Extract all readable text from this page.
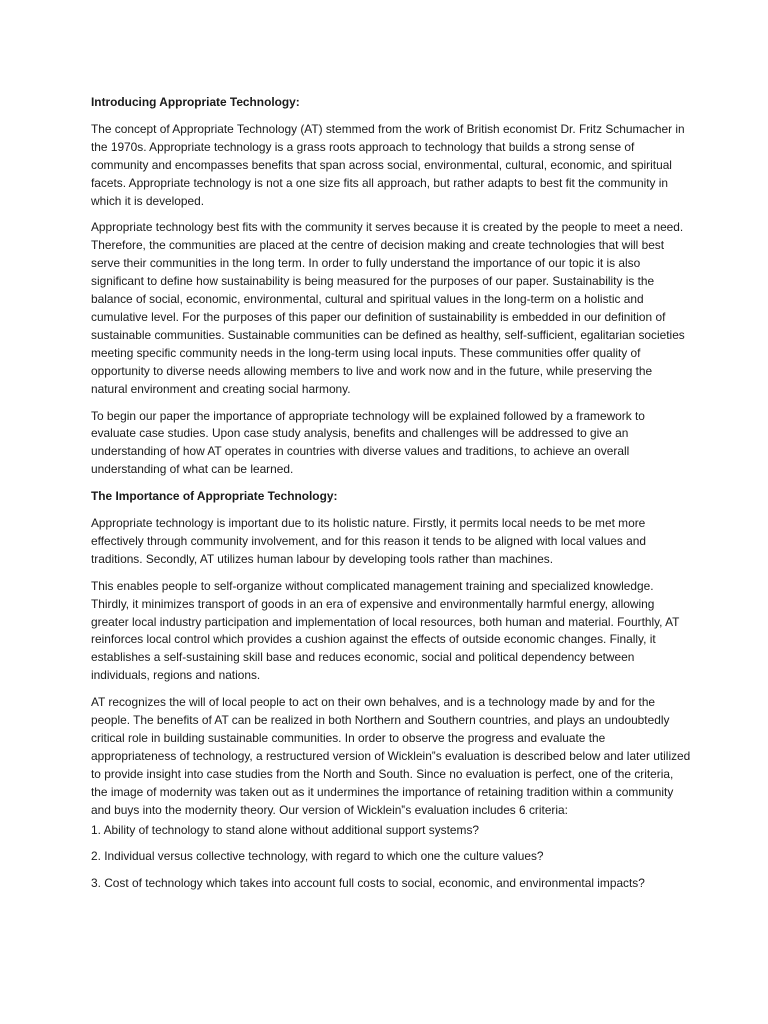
Introducing Appropriate Technology:

The concept of Appropriate Technology (AT) stemmed from the work of British economist Dr. Fritz Schumacher in the 1970s. Appropriate technology is a grass roots approach to technology that builds a strong sense of community and encompasses benefits that span across social, environmental, cultural, economic, and spiritual facets. Appropriate technology is not a one size fits all approach, but rather adapts to best fit the community in which it is developed.

Appropriate technology best fits with the community it serves because it is created by the people to meet a need. Therefore, the communities are placed at the centre of decision making and create technologies that will best serve their communities in the long term. In order to fully understand the importance of our topic it is also significant to define how sustainability is being measured for the purposes of our paper. Sustainability is the balance of social, economic, environmental, cultural and spiritual values in the long-term on a holistic and cumulative level. For the purposes of this paper our definition of sustainability is embedded in our definition of sustainable communities. Sustainable communities can be defined as healthy, self-sufficient, egalitarian societies meeting specific community needs in the long-term using local inputs. These communities offer quality of opportunity to diverse needs allowing members to live and work now and in the future, while preserving the natural environment and creating social harmony.

To begin our paper the importance of appropriate technology will be explained followed by a framework to evaluate case studies. Upon case study analysis, benefits and challenges will be addressed to give an understanding of how AT operates in countries with diverse values and traditions, to achieve an overall understanding of what can be learned.

The Importance of Appropriate Technology:

Appropriate technology is important due to its holistic nature. Firstly, it permits local needs to be met more effectively through community involvement, and for this reason it tends to be aligned with local values and traditions. Secondly, AT utilizes human labour by developing tools rather than machines.

This enables people to self-organize without complicated management training and specialized knowledge. Thirdly, it minimizes transport of goods in an era of expensive and environmentally harmful energy, allowing greater local industry participation and implementation of local resources, both human and material. Fourthly, AT reinforces local control which provides a cushion against the effects of outside economic changes. Finally, it establishes a self-sustaining skill base and reduces economic, social and political dependency between individuals, regions and nations.

AT recognizes the will of local people to act on their own behalves, and is a technology made by and for the people. The benefits of AT can be realized in both Northern and Southern countries, and plays an undoubtedly critical role in building sustainable communities. In order to observe the progress and evaluate the appropriateness of technology, a restructured version of Wicklein‟s evaluation is described below and later utilized to provide insight into case studies from the North and South. Since no evaluation is perfect, one of the criteria, the image of modernity was taken out as it undermines the importance of retaining tradition within a community and buys into the modernity theory. Our version of Wicklein‟s evaluation includes 6 criteria:

1. Ability of technology to stand alone without additional support systems?

2. Individual versus collective technology, with regard to which one the culture values?

3. Cost of technology which takes into account full costs to social, economic, and environmental impacts?
